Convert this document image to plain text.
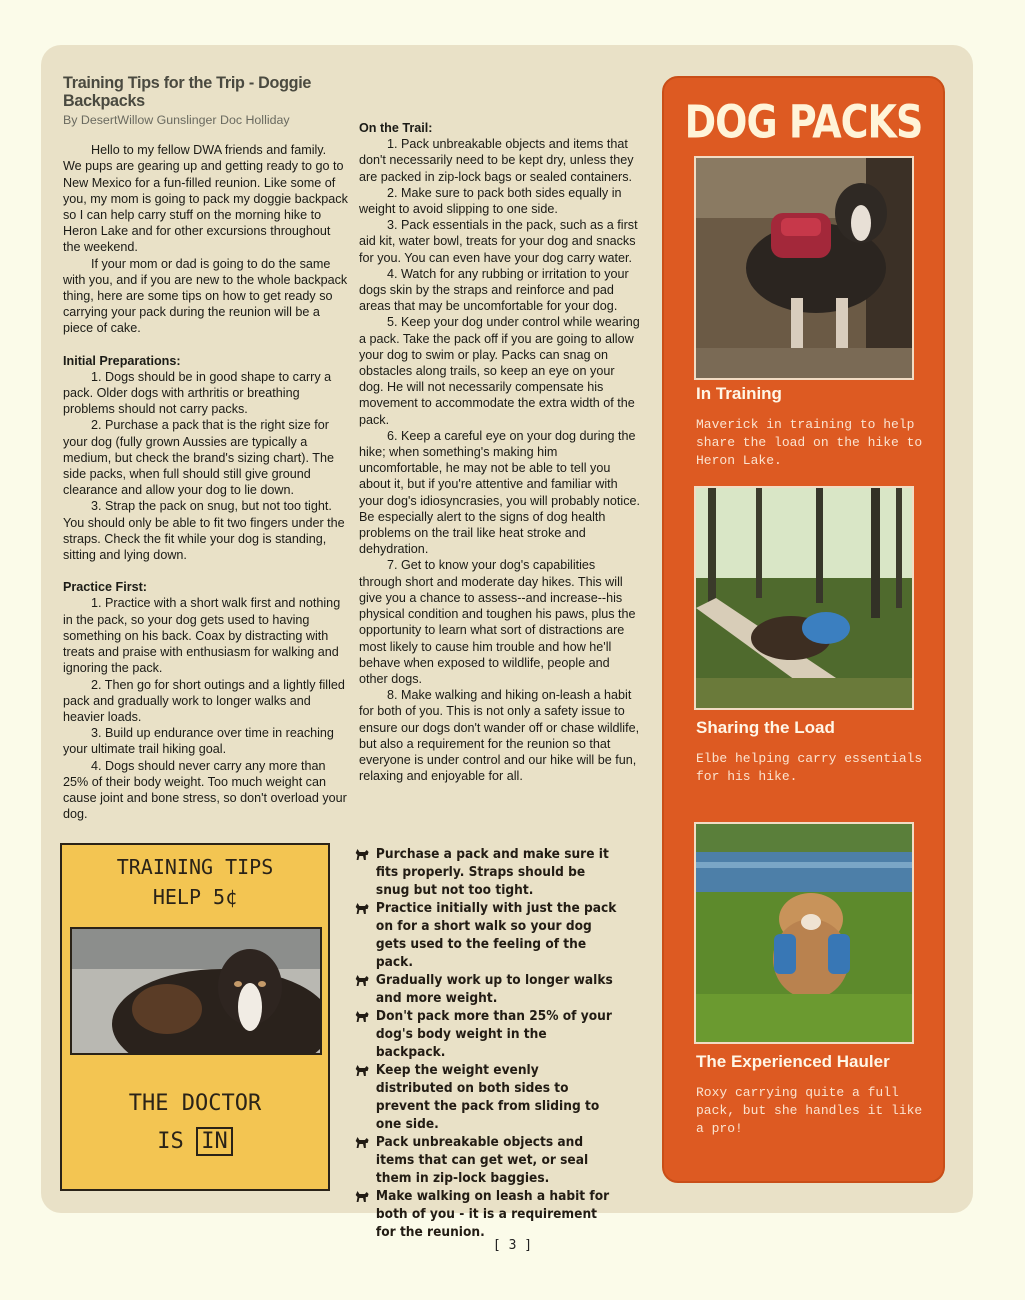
Training Tips for the Trip - Doggie Backpacks
By DesertWillow Gunslinger Doc Holliday

Hello to my fellow DWA friends and family. We pups are gearing up and getting ready to go to New Mexico for a fun-filled reunion. Like some of you, my mom is going to pack my doggie backpack so I can help carry stuff on the morning hike to Heron Lake and for other excursions throughout the weekend.

If your mom or dad is going to do the same with you, and if you are new to the whole backpack thing, here are some tips on how to get ready so carrying your pack during the reunion will be a piece of cake.

Initial Preparations:

1. Dogs should be in good shape to carry a pack. Older dogs with arthritis or breathing problems should not carry packs.

2. Purchase a pack that is the right size for your dog (fully grown Aussies are typically a medium, but check the brand's sizing chart). The side packs, when full should still give ground clearance and allow your dog to lie down.

3. Strap the pack on snug, but not too tight. You should only be able to fit two fingers under the straps. Check the fit while your dog is standing, sitting and lying down.

Practice First:

1. Practice with a short walk first and nothing in the pack, so your dog gets used to having something on his back. Coax by distracting with treats and praise with enthusiasm for walking and ignoring the pack.

2. Then go for short outings and a lightly filled pack and gradually work to longer walks and heavier loads.

3. Build up endurance over time in reaching your ultimate trail hiking goal.

4. Dogs should never carry any more than 25% of their body weight. Too much weight can cause joint and bone stress, so don't overload your dog.

On the Trail:

1. Pack unbreakable objects and items that don't necessarily need to be kept dry, unless they are packed in zip-lock bags or sealed containers.

2. Make sure to pack both sides equally in weight to avoid slipping to one side.

3. Pack essentials in the pack, such as a first aid kit, water bowl, treats for your dog and snacks for you. You can even have your dog carry water.

4. Watch for any rubbing or irritation to your dogs skin by the straps and reinforce and pad areas that may be uncomfortable for your dog.

5. Keep your dog under control while wearing a pack. Take the pack off if you are going to allow your dog to swim or play. Packs can snag on obstacles along trails, so keep an eye on your dog. He will not necessarily compensate his movement to accommodate the extra width of the pack.

6. Keep a careful eye on your dog during the hike; when something's making him uncomfortable, he may not be able to tell you about it, but if you're attentive and familiar with your dog's idiosyncrasies, you will probably notice. Be especially alert to the signs of dog health problems on the trail like heat stroke and dehydration.

7. Get to know your dog's capabilities through short and moderate day hikes. This will give you a chance to assess--and increase--his physical condition and toughen his paws, plus the opportunity to learn what sort of distractions are most likely to cause him trouble and how he'll behave when exposed to wildlife, people and other dogs.

8. Make walking and hiking on-leash a habit for both of you. This is not only a safety issue to ensure our dogs don't wander off or chase wildlife, but also a requirement for the reunion so that everyone is under control and our hike will be fun, relaxing and enjoyable for all.

DOG PACKS
In Training
Maverick in training to help share the load on the hike to Heron Lake.
Sharing the Load
Elbe helping carry essentials for his hike.
The Experienced Hauler
Roxy carrying quite a full pack, but she handles it like a pro!
TRAINING TIPS
HELP 5¢
THE DOCTOR
IS IN
Purchase a pack and make sure it fits properly. Straps should be snug but not too tight.
Practice initially with just the pack on for a short walk so your dog gets used to the feeling of the pack.
Gradually work up to longer walks and more weight.
Don't pack more than 25% of your dog's body weight in the backpack.
Keep the weight evenly distributed on both sides to prevent the pack from sliding to one side.
Pack unbreakable objects and items that can get wet, or seal them in zip-lock baggies.
Make walking on leash a habit for both of you - it is a requirement for the reunion.
[ 3 ]
